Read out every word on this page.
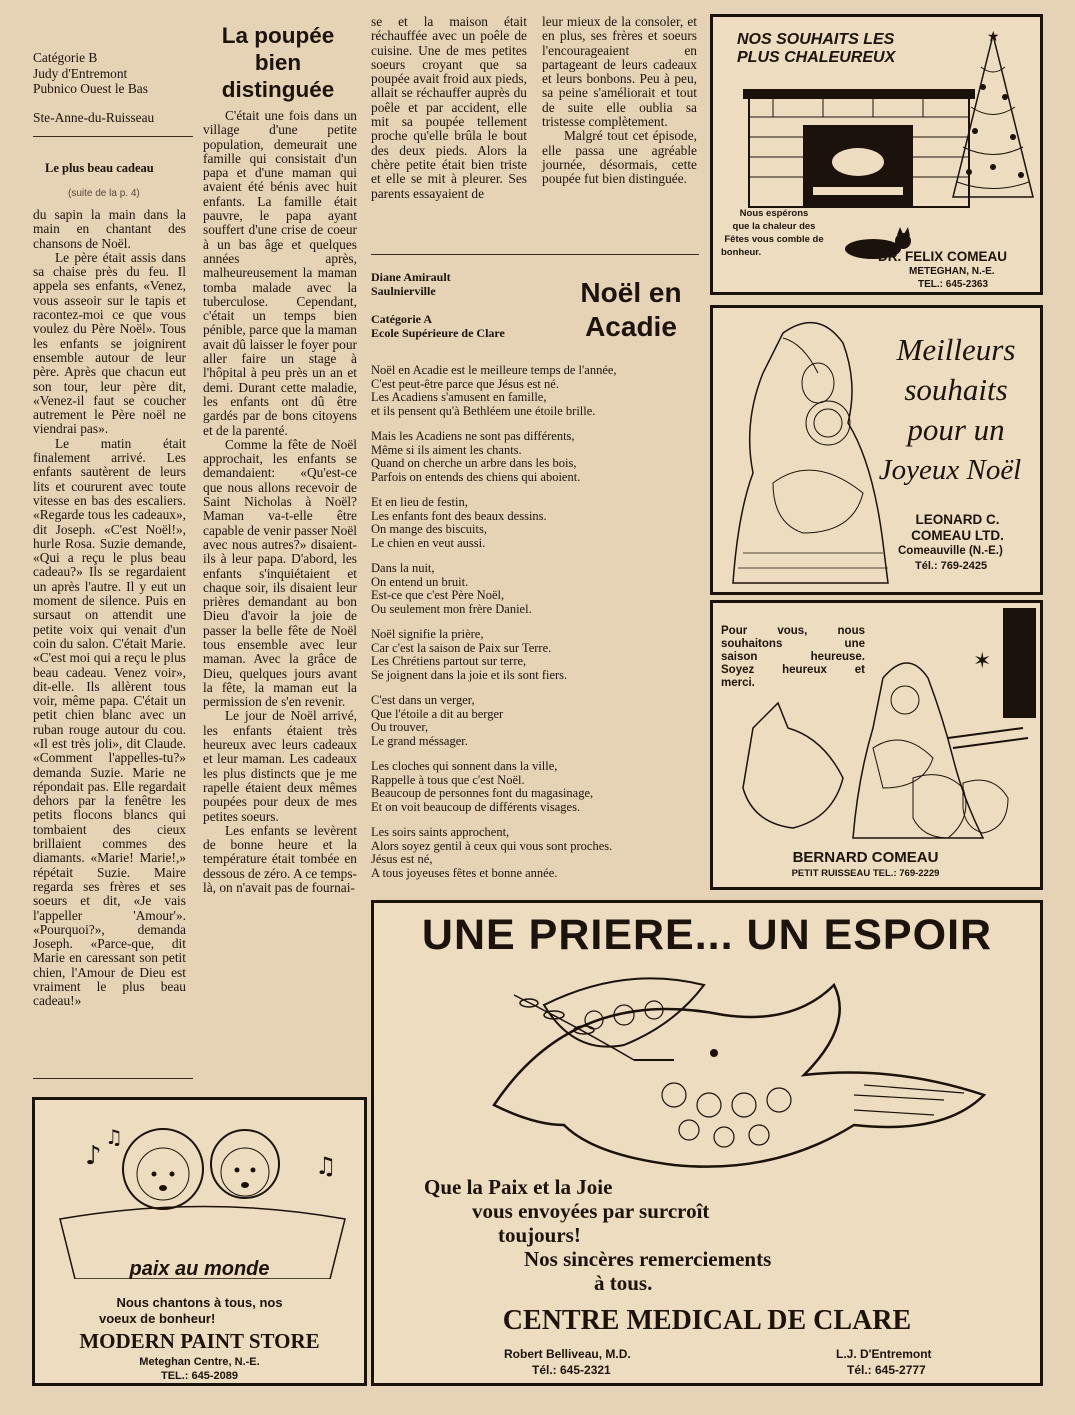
Catégorie B
Judy d'Entremont
Pubnico Ouest le Bas
Ste-Anne-du-Ruisseau
Le plus beau cadeau
(suite de la p. 4)

du sapin la main dans la main en chantant des chansons de Noël.

Le père était assis dans sa chaise près du feu. Il appela ses enfants, «Venez, vous asseoir sur le tapis et racontez-moi ce que vous voulez du Père Noël». Tous les enfants se joignirent ensemble autour de leur père. Après que chacun eut son tour, leur père dit, «Venez-il faut se coucher autrement le Père noël ne viendrai pas».

Le matin était finalement arrivé. Les enfants sautèrent de leurs lits et coururent avec toute vitesse en bas des escaliers. «Regarde tous les cadeaux», dit Joseph. «C'est Noël!», hurle Rosa. Suzie demande, «Qui a reçu le plus beau cadeau?» Ils se regardaient un après l'autre. Il y eut un moment de silence. Puis en sursaut on attendit une petite voix qui venait d'un coin du salon. C'était Marie. «C'est moi qui a reçu le plus beau cadeau. Venez voir», dit-elle. Ils allèrent tous voir, même papa. C'était un petit chien blanc avec un ruban rouge autour du cou. «Il est très joli», dit Claude. «Comment l'appelles-tu?» demanda Suzie. Marie ne répondait pas. Elle regardait dehors par la fenêtre les petits flocons blancs qui tombaient des cieux brillaient commes des diamants. «Marie! Marie!,» répétait Suzie. Maire regarda ses frères et ses soeurs et dit, «Je vais l'appeller 'Amour'». «Pourquoi?», demanda Joseph. «Parce-que, dit Marie en caressant son petit chien, l'Amour de Dieu est vraiment le plus beau cadeau!»

La poupée bien distinguée

C'était une fois dans un village d'une petite population, demeurait une famille qui consistait d'un papa et d'une maman qui avaient été bénis avec huit enfants. La famille était pauvre, le papa ayant souffert d'une crise de coeur à un bas âge et quelques années après, malheureusement la maman tomba malade avec la tuberculose. Cependant, c'était un temps bien pénible, parce que la maman avait dû laisser le foyer pour aller faire un stage à l'hôpital à peu près un an et demi. Durant cette maladie, les enfants ont dû être gardés par de bons citoyens et de la parenté.

Comme la fête de Noël approchait, les enfants se demandaient: «Qu'est-ce que nous allons recevoir de Saint Nicholas à Noël? Maman va-t-elle être capable de venir passer Noël avec nous autres?» disaient-ils à leur papa. D'abord, les enfants s'inquiétaient et chaque soir, ils disaient leur prières demandant au bon Dieu d'avoir la joie de passer la belle fête de Noël tous ensemble avec leur maman. Avec la grâce de Dieu, quelques jours avant la fête, la maman eut la permission de s'en revenir.

Le jour de Noël arrivé, les enfants étaient très heureux avec leurs cadeaux et leur maman. Les cadeaux les plus distincts que je me rapelle étaient deux mêmes poupées pour deux de mes petites soeurs.

Les enfants se levèrent de bonne heure et la température était tombée en dessous de zéro. A ce temps-là, on n'avait pas de fournai-

se et la maison était réchauffée avec un poêle de cuisine. Une de mes petites soeurs croyant que sa poupée avait froid aux pieds, allait se réchauffer auprès du poêle et par accident, elle mit sa poupée tellement proche qu'elle brûla le bout des deux pieds. Alors la chère petite était bien triste et elle se mit à pleurer. Ses parents essayaient de

leur mieux de la consoler, et en plus, ses frères et soeurs l'encourageaient en partageant de leurs cadeaux et leurs bonbons. Peu à peu, sa peine s'améliorait et tout de suite elle oublia sa tristesse complètement.

Malgré tout cet épisode, elle passa une agréable journée, désormais, cette poupée fut bien distinguée.

Diane Amirault
Saulnierville
Catégorie A
Ecole Supérieure de Clare
Noël en
Acadie
Noël en Acadie est le meilleure temps de l'année,
C'est peut-être parce que Jésus est né.
Les Acadiens s'amusent en famille,
et ils pensent qu'à Bethléem une étoile brille.
Mais les Acadiens ne sont pas différents,
Même si ils aiment les chants.
Quand on cherche un arbre dans les bois,
Parfois on entends des chiens qui aboient.
Et en lieu de festin,
Les enfants font des beaux dessins.
On mange des biscuits,
Le chien en veut aussi.
Dans la nuit,
On entend un bruit.
Est-ce que c'est Père Noël,
Ou seulement mon frère Daniel.
Noël signifie la prière,
Car c'est la saison de Paix sur Terre.
Les Chrétiens partout sur terre,
Se joignent dans la joie et ils sont fiers.
C'est dans un verger,
Que l'étoile a dit au berger
Ou trouver,
Le grand méssager.
Les cloches qui sonnent dans la ville,
Rappelle à tous que c'est Noël.
Beaucoup de personnes font du magasinage,
Et on voit beaucoup de différents visages.
Les soirs saints approchent,
Alors soyez gentil à ceux qui vous sont proches.
Jésus est né,
A tous joyeuses fêtes et bonne année.
NOS SOUHAITS LES
PLUS CHALEUREUX
★
Nous espérons
que la chaleur des
Fêtes vous comble de
bonheur.	DR. FELIX COMEAU
METEGHAN, N.-E.
TEL.: 645-2363
Meilleurs
souhaits
pour un
Joyeux Noël
LEONARD C.
COMEAU LTD.
Comeauville (N.-E.)
Tél.: 769-2425
Pour vous, nous
souhaitons une
saison heureuse.
Soyez heureux et
merci.
✶
BERNARD COMEAU
PETIT RUISSEAU TEL.: 769-2229
♪
♫
♫
paix au monde
Nous chantons à tous, nos
voeux de bonheur!
MODERN PAINT STORE
Meteghan Centre, N.-E.
TEL.: 645-2089
UNE PRIERE... UN ESPOIR
Que la Paix et la Joie
vous envoyées par surcroît
toujours!
Nos sincères remerciements
à tous.
CENTRE MEDICAL DE CLARE
Robert Belliveau, M.D.
Tél.: 645-2321
L.J. D'Entremont
Tél.: 645-2777
